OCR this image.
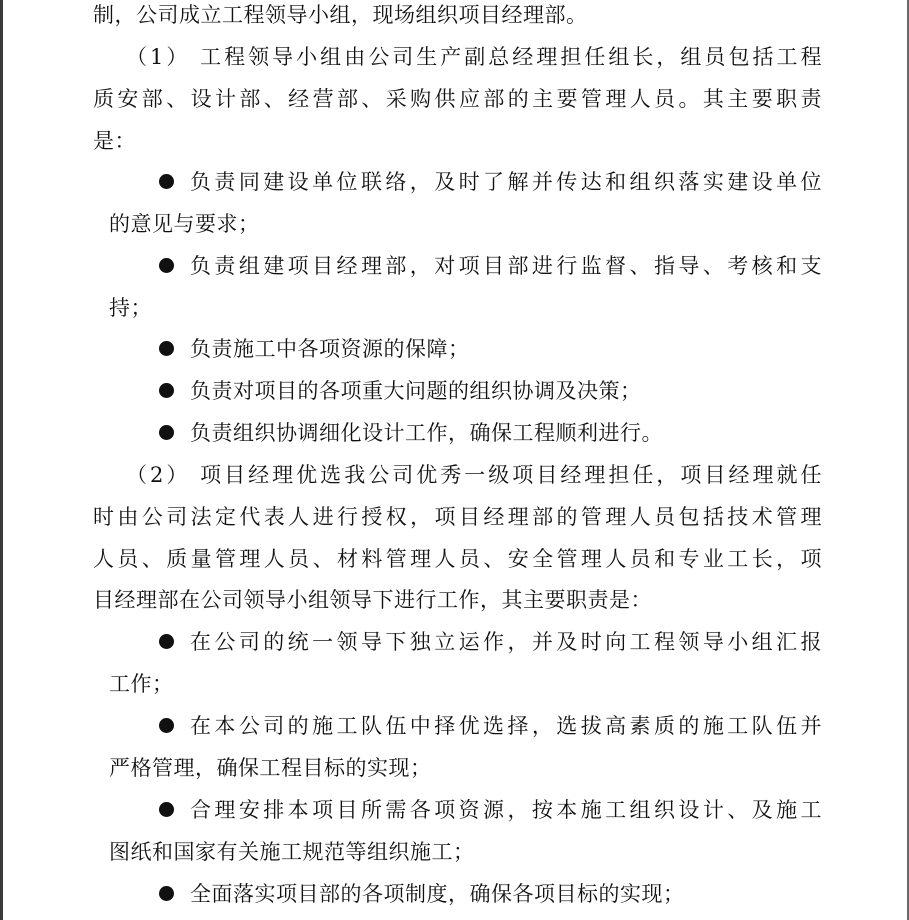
制，公司成立工程领导小组，现场组织项目经理部。
（1） 工程领导小组由公司生产副总经理担任组长，组员包括工程
质安部、设计部、经营部、采购供应部的主要管理人员。其主要职责
是：
负责同建设单位联络，及时了解并传达和组织落实建设单位
的意见与要求；
负责组建项目经理部，对项目部进行监督、指导、考核和支
持；
负责施工中各项资源的保障；
负责对项目的各项重大问题的组织协调及决策；
负责组织协调细化设计工作，确保工程顺利进行。
（2） 项目经理优选我公司优秀一级项目经理担任，项目经理就任
时由公司法定代表人进行授权，项目经理部的管理人员包括技术管理
人员、质量管理人员、材料管理人员、安全管理人员和专业工长，项
目经理部在公司领导小组领导下进行工作，其主要职责是：
在公司的统一领导下独立运作，并及时向工程领导小组汇报
工作；
在本公司的施工队伍中择优选择，选拔高素质的施工队伍并
严格管理，确保工程目标的实现；
合理安排本项目所需各项资源，按本施工组织设计、及施工
图纸和国家有关施工规范等组织施工；
全面落实项目部的各项制度，确保各项目标的实现；
